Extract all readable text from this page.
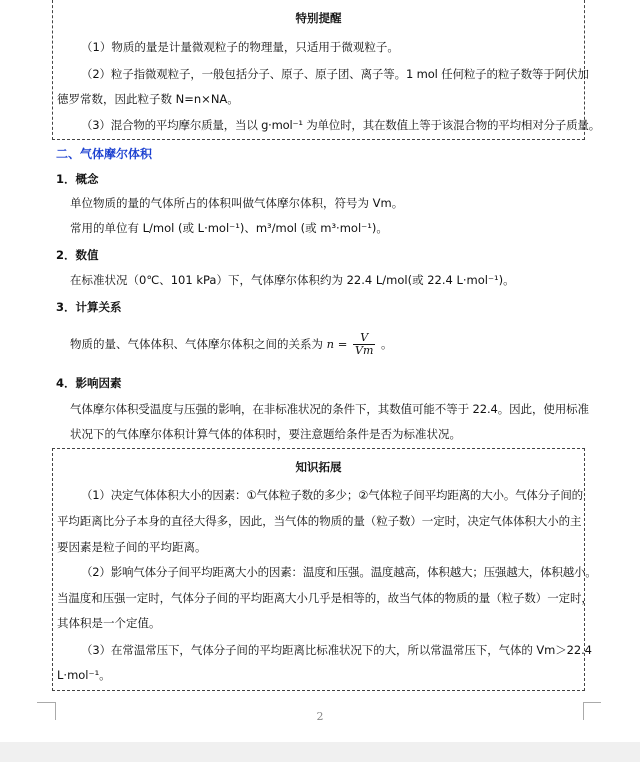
特别提醒
（1）物质的量是计量微观粒子的物理量，只适用于微观粒子。
（2）粒子指微观粒子，一般包括分子、原子、原子团、离子等。1 mol 任何粒子的粒子数等于阿伏加
德罗常数，因此粒子数 N=n×NA。
（3）混合物的平均摩尔质量，当以 g·mol⁻¹ 为单位时，其在数值上等于该混合物的平均相对分子质量。
二、气体摩尔体积
1．概念
单位物质的量的气体所占的体积叫做气体摩尔体积，符号为 Vm。
常用的单位有 L/mol (或 L·mol⁻¹)、m³/mol (或 m³·mol⁻¹)。
2．数值
在标准状况（0℃、101 kPa）下，气体摩尔体积约为 22.4 L/mol(或 22.4 L·mol⁻¹)。
3．计算关系
物质的量、气体体积、气体摩尔体积之间的关系为 $n = \frac{V}{Vm}$ 。
4．影响因素
气体摩尔体积受温度与压强的影响，在非标准状况的条件下，其数值可能不等于 22.4。因此，使用标准
状况下的气体摩尔体积计算气体的体积时，要注意题给条件是否为标准状况。
知识拓展
（1）决定气体体积大小的因素：①气体粒子数的多少；②气体粒子间平均距离的大小。气体分子间的
平均距离比分子本身的直径大得多，因此，当气体的物质的量（粒子数）一定时，决定气体体积大小的主
要因素是粒子间的平均距离。
（2）影响气体分子间平均距离大小的因素：温度和压强。温度越高，体积越大；压强越大，体积越小。
当温度和压强一定时，气体分子间的平均距离大小几乎是相等的，故当气体的物质的量（粒子数）一定时，
其体积是一个定值。
（3）在常温常压下，气体分子间的平均距离比标准状况下的大，所以常温常压下，气体的 Vm＞22.4
L·mol⁻¹。
2
